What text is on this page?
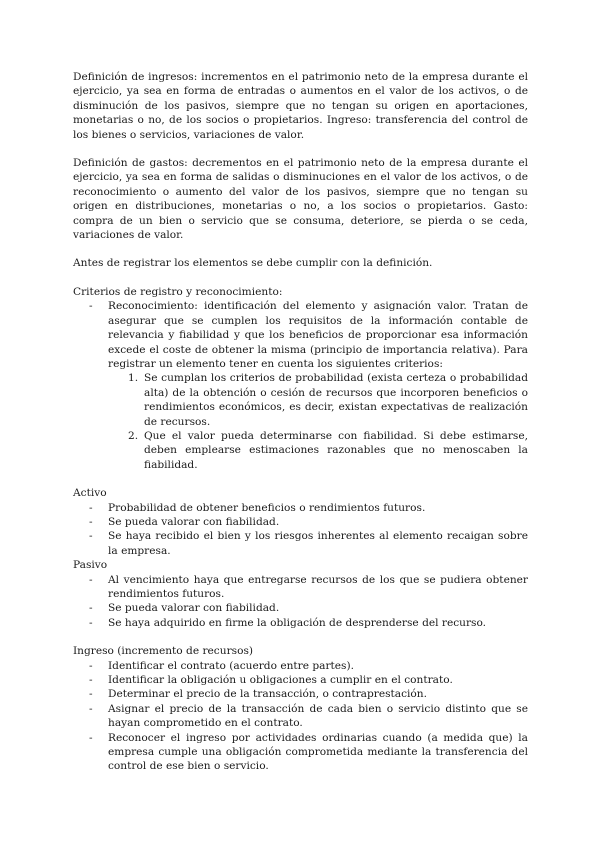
Definición de ingresos: incrementos en el patrimonio neto de la empresa durante el ejercicio, ya sea en forma de entradas o aumentos en el valor de los activos, o de disminución de los pasivos, siempre que no tengan su origen en aportaciones, monetarias o no, de los socios o propietarios. Ingreso: transferencia del control de los bienes o servicios, variaciones de valor.

Definición de gastos: decrementos en el patrimonio neto de la empresa durante el ejercicio, ya sea en forma de salidas o disminuciones en el valor de los activos, o de reconocimiento o aumento del valor de los pasivos, siempre que no tengan su origen en distribuciones, monetarias o no, a los socios o propietarios. Gasto: compra de un bien o servicio que se consuma, deteriore, se pierda o se ceda, variaciones de valor.

Antes de registrar los elementos se debe cumplir con la definición.

Criterios de registro y reconocimiento:

- Reconocimiento: identificación del elemento y asignación valor. Tratan de asegurar que se cumplen los requisitos de la información contable de relevancia y fiabilidad y que los beneficios de proporcionar esa información excede el coste de obtener la misma (principio de importancia relativa). Para registrar un elemento tener en cuenta los siguientes criterios:
1. Se cumplan los criterios de probabilidad (exista certeza o probabilidad alta) de la obtención o cesión de recursos que incorporen beneficios o rendimientos económicos, es decir, existan expectativas de realización de recursos.
2. Que el valor pueda determinarse con fiabilidad. Si debe estimarse, deben emplearse estimaciones razonables que no menoscaben la fiabilidad.

Activo

- Probabilidad de obtener beneficios o rendimientos futuros.
- Se pueda valorar con fiabilidad.
- Se haya recibido el bien y los riesgos inherentes al elemento recaigan sobre la empresa.

Pasivo

- Al vencimiento haya que entregarse recursos de los que se pudiera obtener rendimientos futuros.
- Se pueda valorar con fiabilidad.
- Se haya adquirido en firme la obligación de desprenderse del recurso.

Ingreso (incremento de recursos)

- Identificar el contrato (acuerdo entre partes).
- Identificar la obligación u obligaciones a cumplir en el contrato.
- Determinar el precio de la transacción, o contraprestación.
- Asignar el precio de la transacción de cada bien o servicio distinto que se hayan comprometido en el contrato.
- Reconocer el ingreso por actividades ordinarias cuando (a medida que) la empresa cumple una obligación comprometida mediante la transferencia del control de ese bien o servicio.
